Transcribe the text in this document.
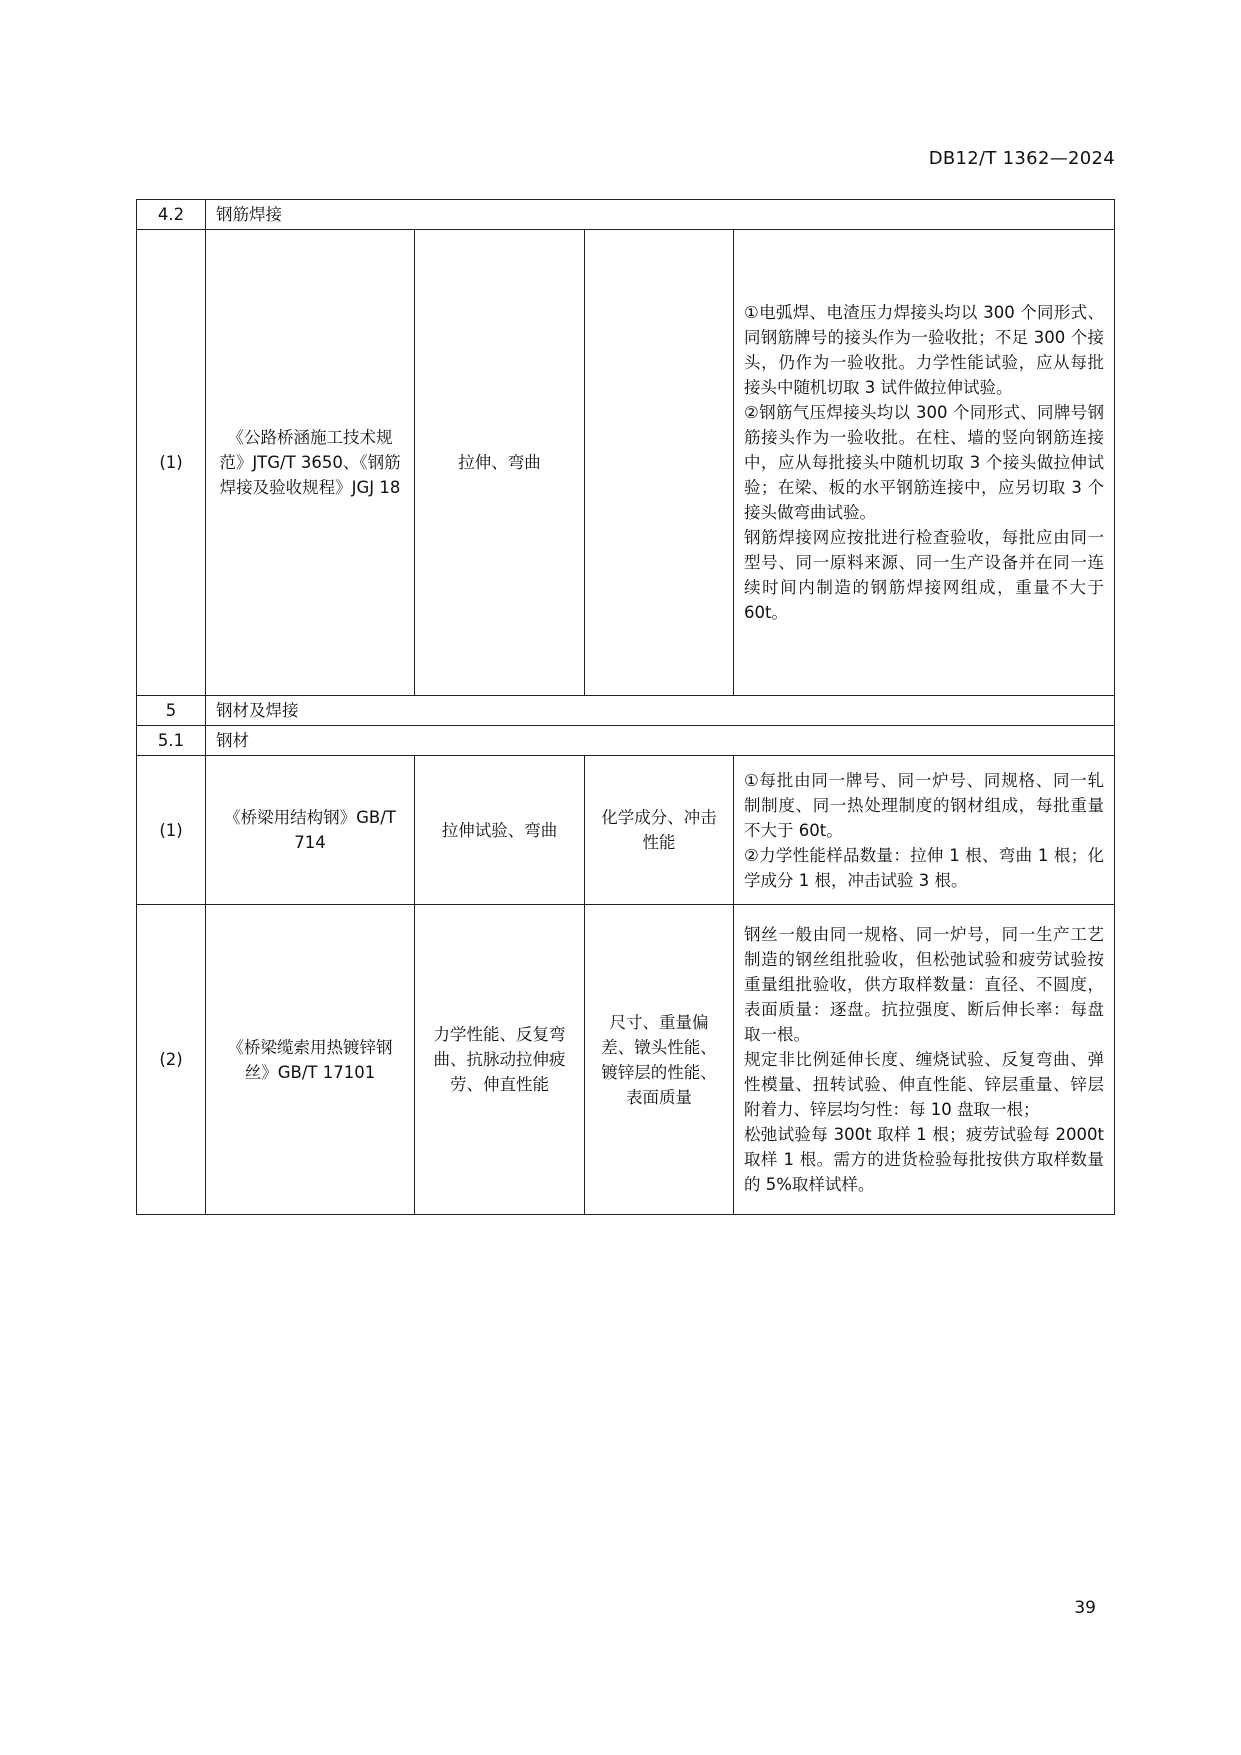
DB12/T 1362—2024
4.2	钢筋焊接			
(1)	《公路桥涵施工技术规范》JTG/T 3650、《钢筋焊接及验收规程》JGJ 18	拉伸、弯曲		①电弧焊、电渣压力焊接头均以 300 个同形式、同钢筋牌号的接头作为一验收批；不足 300 个接头，仍作为一验收批。力学性能试验，应从每批接头中随机切取 3 试件做拉伸试验。
②钢筋气压焊接头均以 300 个同形式、同牌号钢筋接头作为一验收批。在柱、墙的竖向钢筋连接中，应从每批接头中随机切取 3 个接头做拉伸试验；在梁、板的水平钢筋连接中，应另切取 3 个接头做弯曲试验。
钢筋焊接网应按批进行检查验收，每批应由同一型号、同一原料来源、同一生产设备并在同一连续时间内制造的钢筋焊接网组成，重量不大于 60t。

5	钢材及焊接			
5.1	钢材			
(1)	《桥梁用结构钢》GB/T 714	拉伸试验、弯曲	化学成分、冲击性能	①每批由同一牌号、同一炉号、同规格、同一轧制制度、同一热处理制度的钢材组成，每批重量不大于 60t。
②力学性能样品数量：拉伸 1 根、弯曲 1 根；化学成分 1 根，冲击试验 3 根。

(2)	《桥梁缆索用热镀锌钢丝》GB/T 17101	力学性能、反复弯曲、抗脉动拉伸疲劳、伸直性能	尺寸、重量偏差、镦头性能、镀锌层的性能、表面质量	钢丝一般由同一规格、同一炉号，同一生产工艺制造的钢丝组批验收，但松弛试验和疲劳试验按重量组批验收，供方取样数量：直径、不圆度，表面质量：逐盘。抗拉强度、断后伸长率：每盘取一根。
规定非比例延伸长度、缠烧试验、反复弯曲、弹性模量、扭转试验、伸直性能、锌层重量、锌层附着力、锌层均匀性：每 10 盘取一根；
松弛试验每 300t 取样 1 根；疲劳试验每 2000t 取样 1 根。需方的进货检验每批按供方取样数量的 5%取样试样。
39
